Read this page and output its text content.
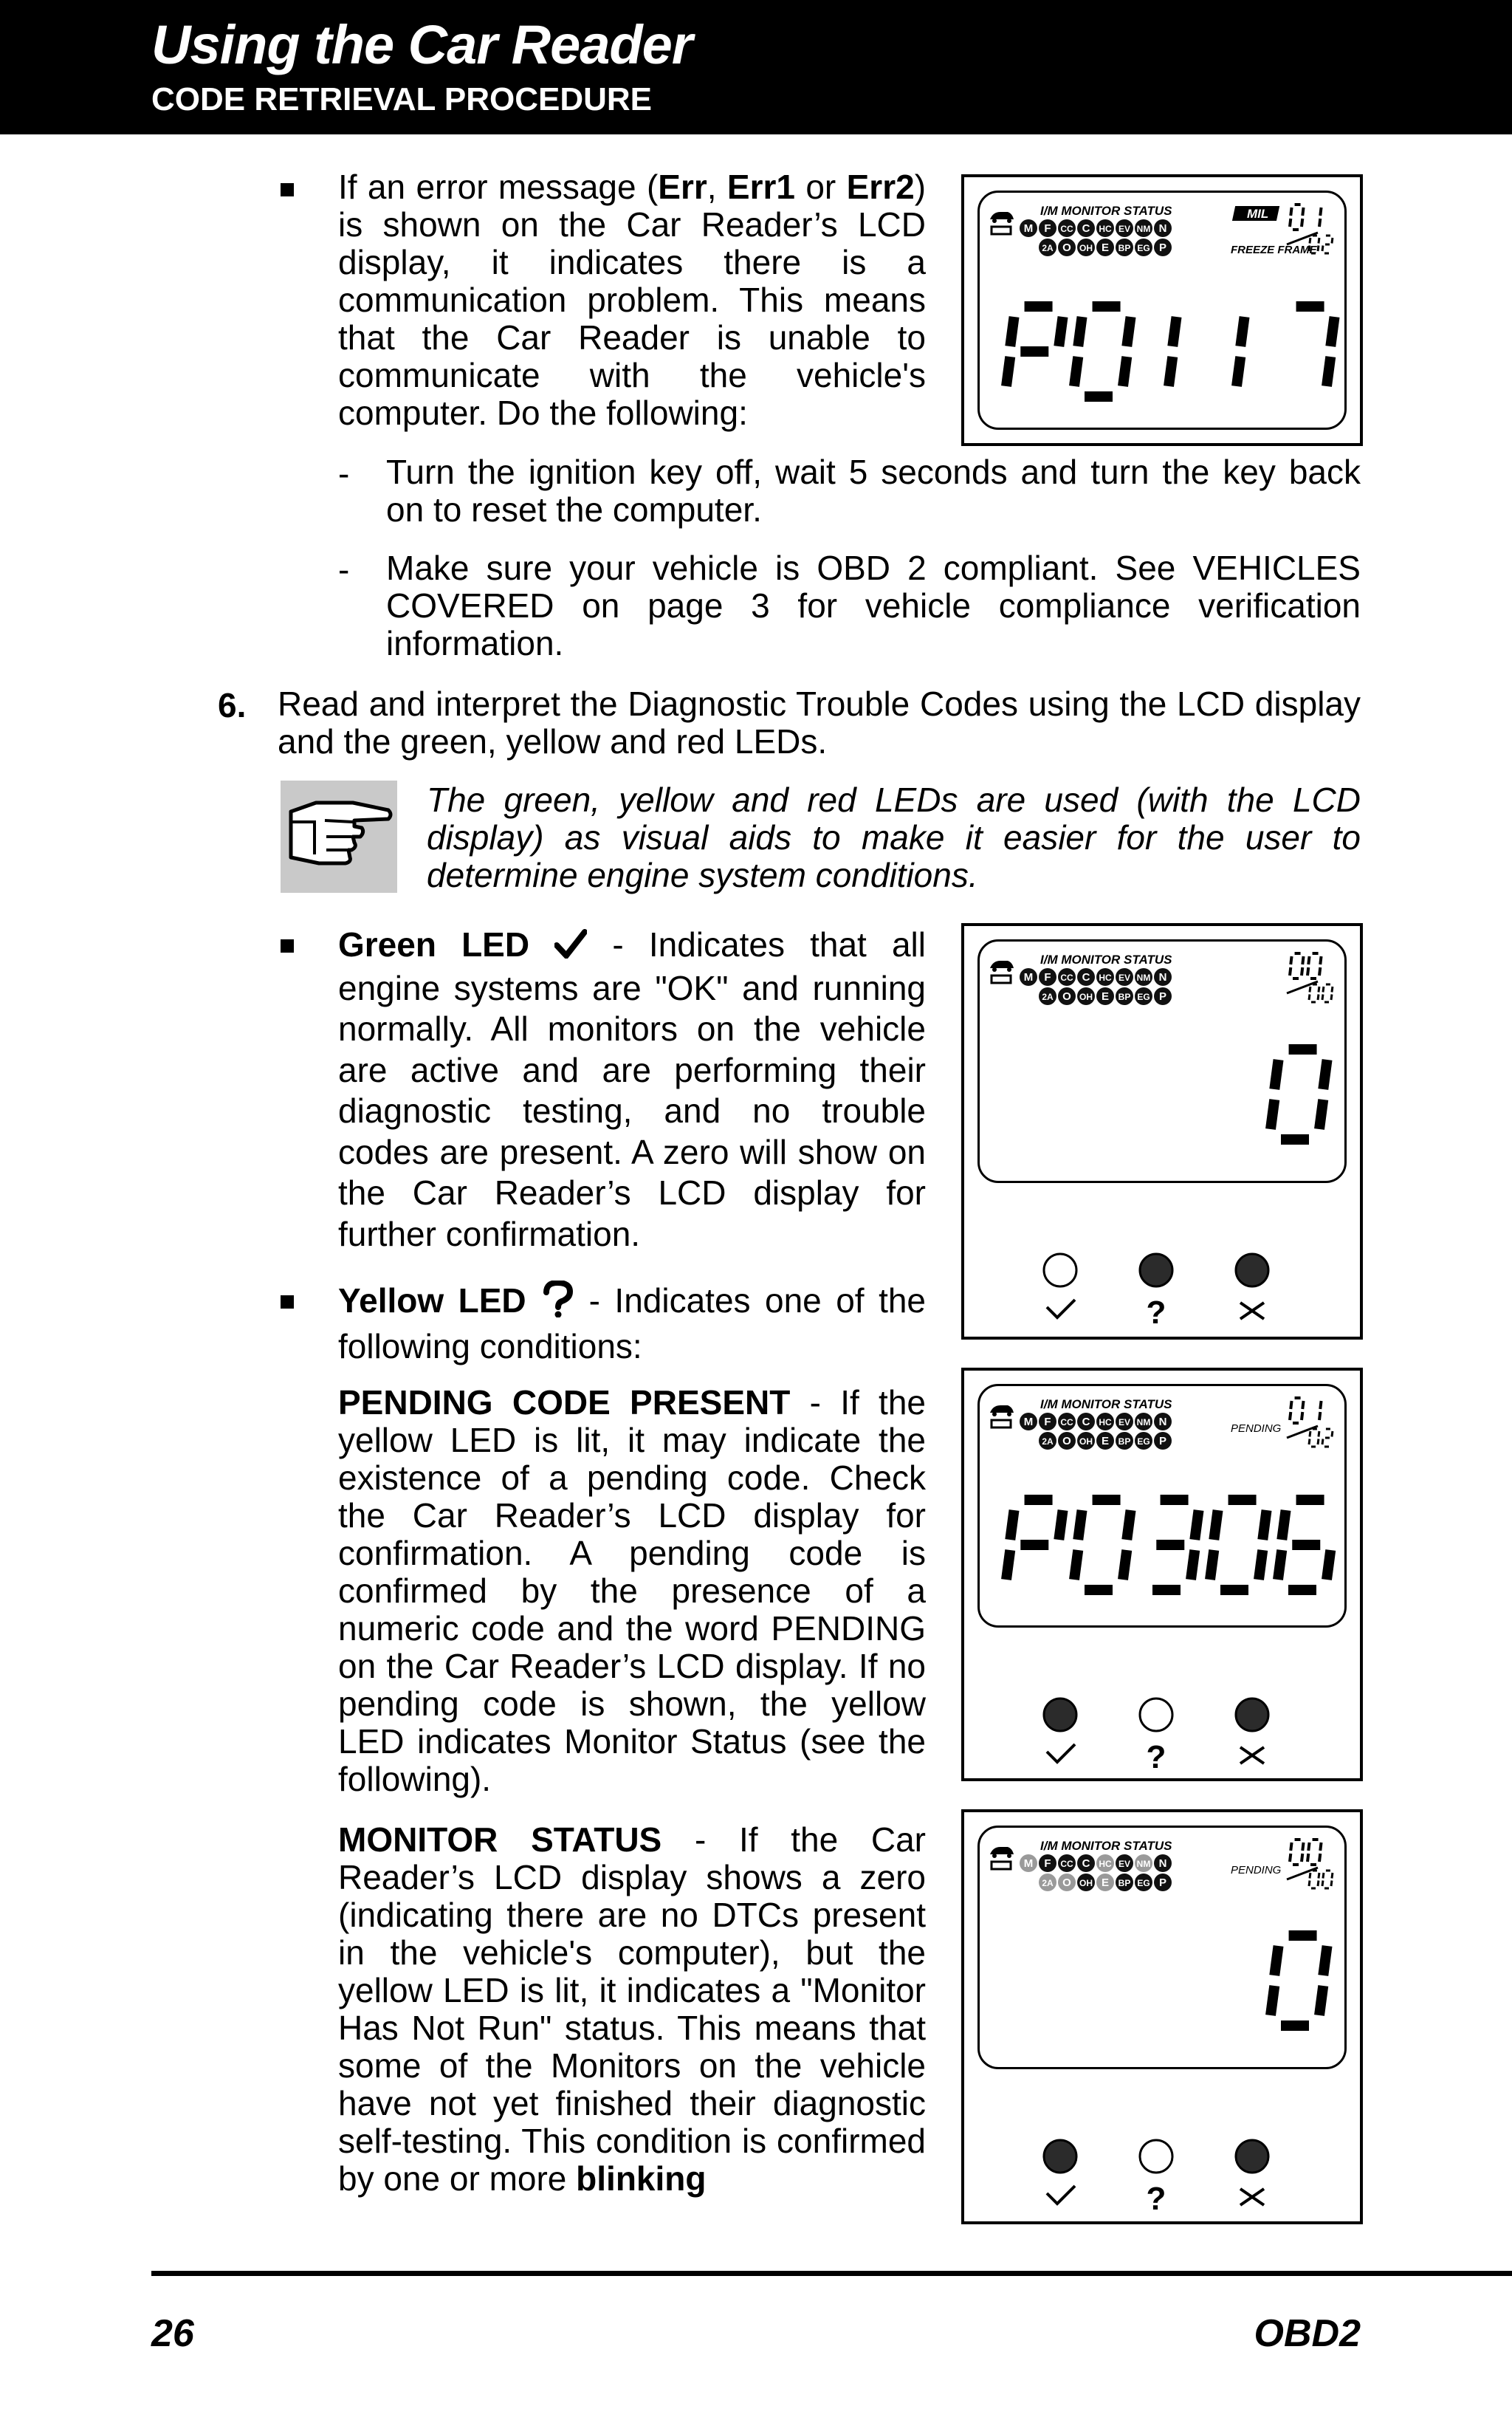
Using the Car Reader
CODE RETRIEVAL PROCEDURE
If an error message (Err, Err1 or Err2) is shown on the Car Reader’s LCD display, it indicates there is a communication problem. This means that the Car Reader is unable to communicate with the vehicle's computer. Do the following:
- Turn the ignition key off, wait 5 seconds and turn the key back on to reset the computer.
- Make sure your vehicle is OBD 2 compliant. See VEHICLES COVERED on page 3 for vehicle compliance verification information.
6. Read and interpret the Diagnostic Trouble Codes using the LCD display and the green, yellow and red LEDs.
The green, yellow and red LEDs are used (with the LCD display) as visual aids to make it easier for the user to determine engine system conditions.
Green LED  - Indicates that all engine systems are "OK" and running normally. All monitors on the vehicle are active and are performing their diagnostic testing, and no trouble codes are present. A zero will show on the Car Reader’s LCD display for further confirmation.
Yellow LED  - Indicates one of the following conditions:
PENDING CODE PRESENT - If the yellow LED is lit, it may indicate the existence of a pending code. Check the Car Reader’s LCD display for confirmation. A pending code is confirmed by the presence of a numeric code and the word PENDING on the Car Reader’s LCD display. If no pending code is shown, the yellow LED indicates Monitor Status (see the following).
MONITOR STATUS - If the Car Reader’s LCD display shows a zero (indicating there are no DTCs present in the vehicle's computer), but the yellow LED is lit, it indicates a "Monitor Has Not Run" status. This means that some of the Monitors on the vehicle have not yet finished their diagnostic self-testing. This condition is confirmed by one or more blinking
I/M MONITOR STATUS
M F CC C HC EV NM N
2A O OH E BP EG P
MIL
FREEZE FRAME
I/M MONITOR STATUS
M F CC C HC EV NM N
2A O OH E BP EG P
?
I/M MONITOR STATUS
M F CC C HC EV NM N
2A O OH E BP EG P
PENDING
?
I/M MONITOR STATUS
M F CC C HC EV NM N
2A O OH E BP EG P
PENDING
?
26	OBD2
